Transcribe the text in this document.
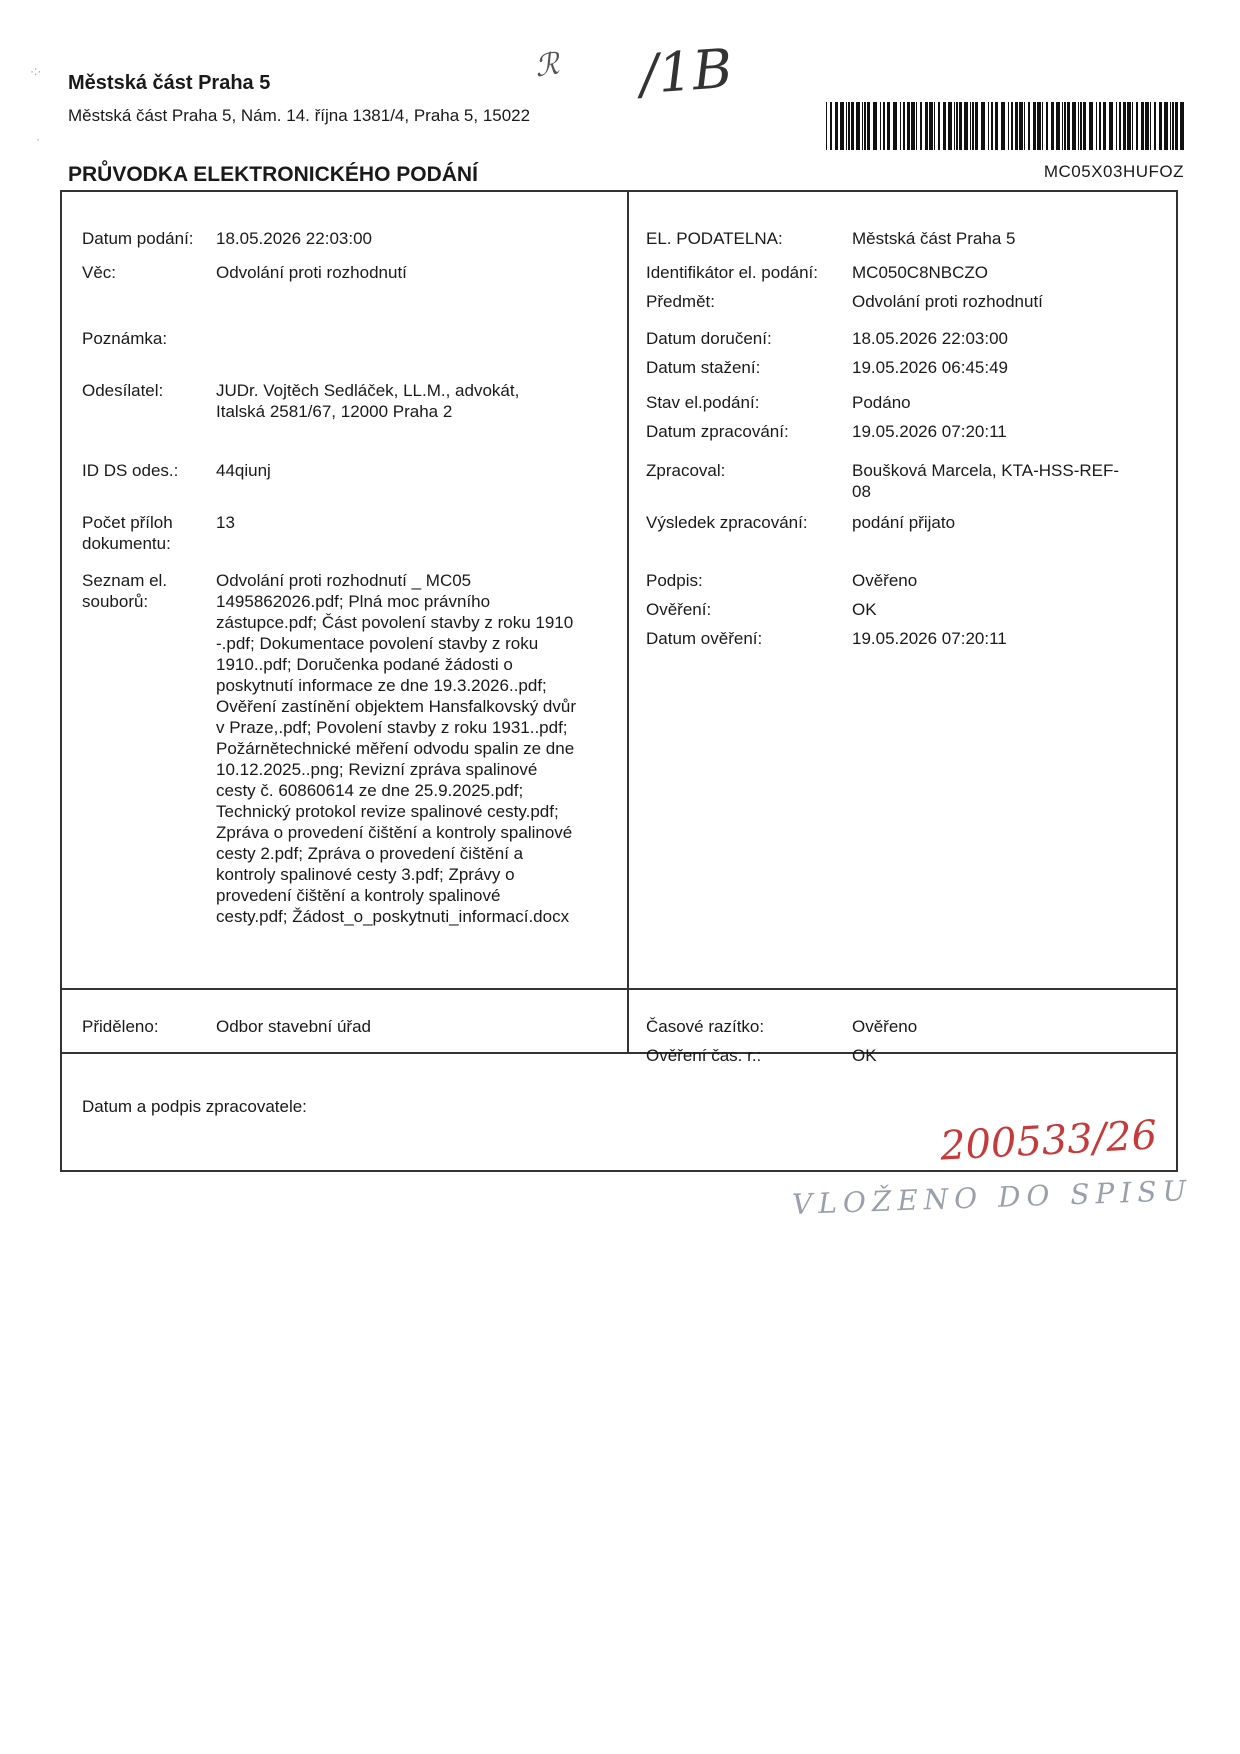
·:·
·
Městská část Praha 5
Městská část Praha 5, Nám. 14. října 1381/4, Praha 5, 15022
PRŮVODKA ELEKTRONICKÉHO PODÁNÍ	MC05X03HUFOZ
ℛ /1B
Datum podání: 18.05.2026 22:03:00
Věc:	Odvolání proti rozhodnutí
Poznámka:
Odesílatel:	JUDr. Vojtěch Sedláček, LL.M., advokát,
Italská 2581/67, 12000 Praha 2
ID DS odes.: 44qiunj
Počet příloh
dokumentu:
13
Seznam el.
souborů:
Odvolání proti rozhodnutí _ MC05
1495862026.pdf; Plná moc právního
zástupce.pdf; Část povolení stavby z roku 1910
-.pdf; Dokumentace povolení stavby z roku
1910..pdf; Doručenka podané žádosti o
poskytnutí informace ze dne 19.3.2026..pdf;
Ověření zastínění objektem Hansfalkovský dvůr
v Praze,.pdf; Povolení stavby z roku 1931..pdf;
Požárnětechnické měření odvodu spalin ze dne
10.12.2025..png; Revizní zpráva spalinové
cesty č. 60860614 ze dne 25.9.2025.pdf;
Technický protokol revize spalinové cesty.pdf;
Zpráva o provedení čištění a kontroly spalinové
cesty 2.pdf; Zpráva o provedení čištění a
kontroly spalinové cesty 3.pdf; Zprávy o
provedení čištění a kontroly spalinové
cesty.pdf; Žádost_o_poskytnuti_informací.docx
Přiděleno:	Odbor stavební úřad
EL. PODATELNA:	Městská část Praha 5
Identifikátor el. podání: MC050C8NBCZO
Předmět:	Odvolání proti rozhodnutí
Datum doručení:	18.05.2026 22:03:00
Datum stažení:	19.05.2026 06:45:49
Stav el.podání:	Podáno
Datum zpracování:	19.05.2026 07:20:11
Zpracoval:	Boušková Marcela, KTA-HSS-REF-
08
Výsledek zpracování:	podání přijato
Podpis:	Ověřeno
Ověření:	OK
Datum ověření:	19.05.2026 07:20:11
Časové razítko:	Ověřeno
Ověření čas. r.:	OK
Datum a podpis zpracovatele:
200533/26
VLOŽENO DO SPISU
